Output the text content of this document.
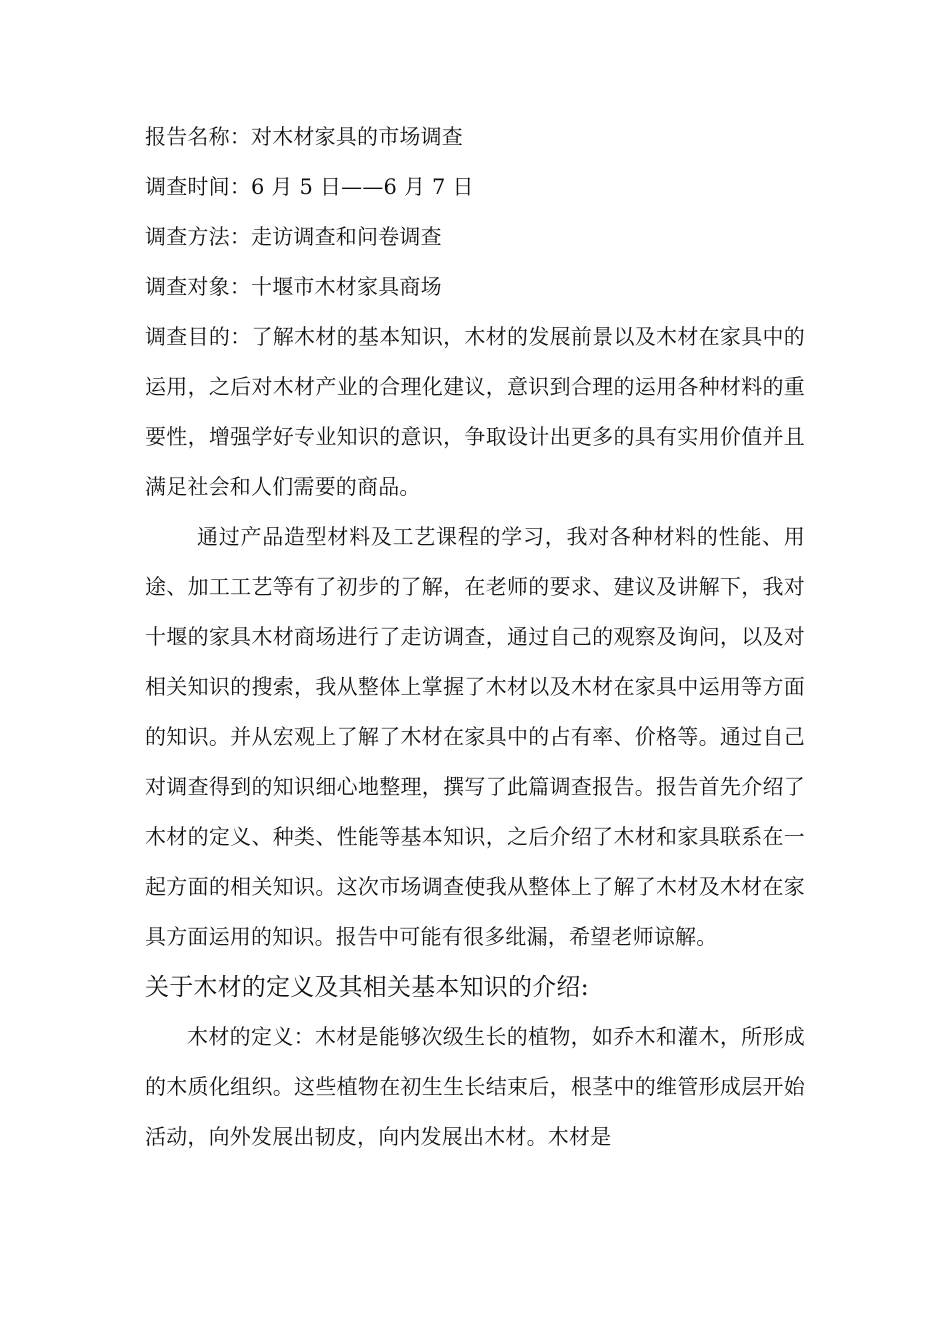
报告名称：对木材家具的市场调查

调查时间：6 月 5 日——6 月 7 日

调查方法：走访调查和问卷调查

调查对象：十堰市木材家具商场

调查目的：了解木材的基本知识，木材的发展前景以及木材在家具中的运用，之后对木材产业的合理化建议，意识到合理的运用各种材料的重要性，增强学好专业知识的意识，争取设计出更多的具有实用价值并且满足社会和人们需要的商品。

通过产品造型材料及工艺课程的学习，我对各种材料的性能、用途、加工工艺等有了初步的了解，在老师的要求、建议及讲解下，我对十堰的家具木材商场进行了走访调查，通过自己的观察及询问，以及对相关知识的搜索，我从整体上掌握了木材以及木材在家具中运用等方面的知识。并从宏观上了解了木材在家具中的占有率、价格等。通过自己对调查得到的知识细心地整理，撰写了此篇调查报告。报告首先介绍了木材的定义、种类、性能等基本知识，之后介绍了木材和家具联系在一起方面的相关知识。这次市场调查使我从整体上了解了木材及木材在家具方面运用的知识。报告中可能有很多纰漏，希望老师谅解。

关于木材的定义及其相关基本知识的介绍:

木材的定义：木材是能够次级生长的植物，如乔木和灌木，所形成的木质化组织。这些植物在初生生长结束后，根茎中的维管形成层开始活动，向外发展出韧皮，向内发展出木材。木材是
